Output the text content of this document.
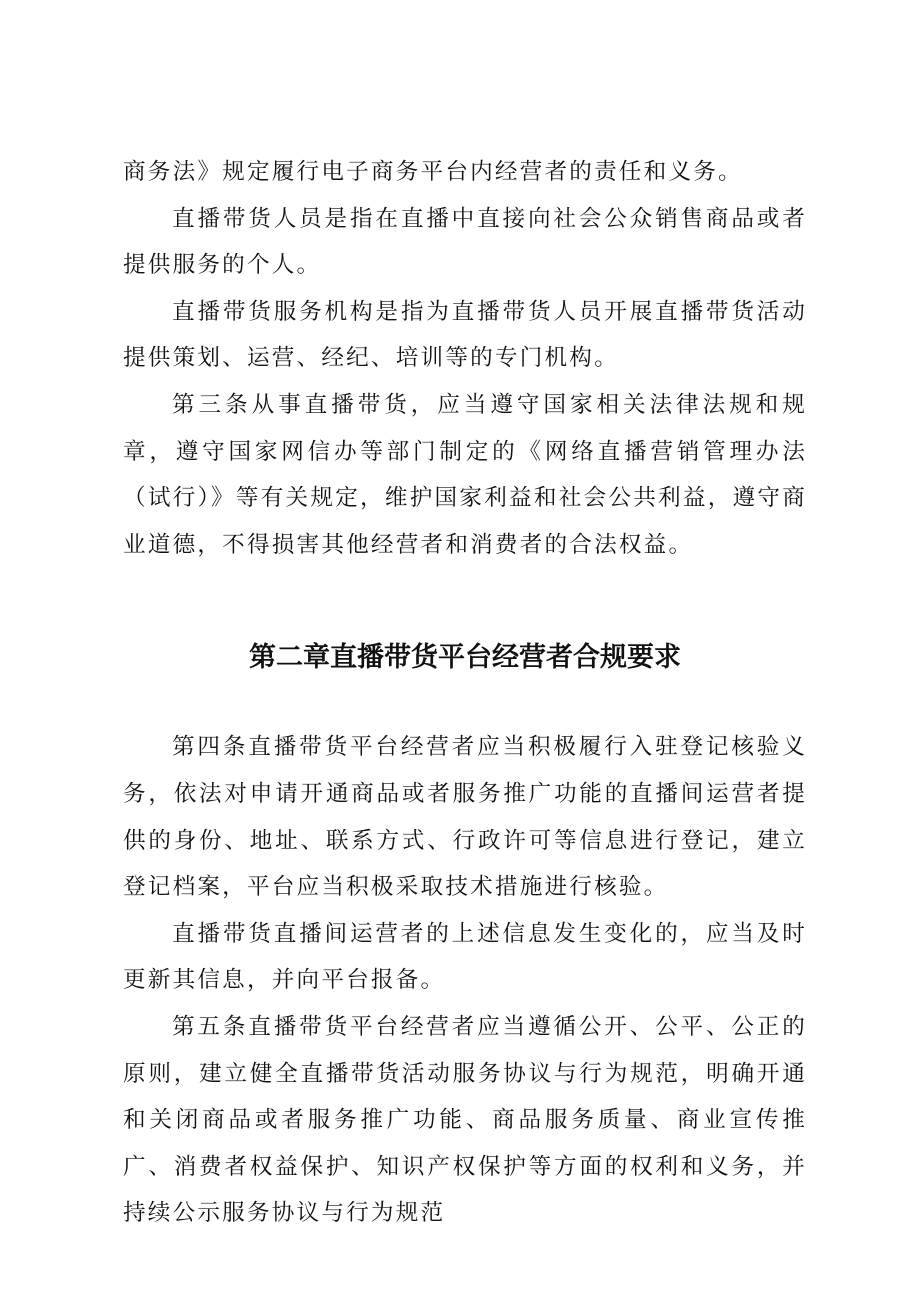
商务法》规定履行电子商务平台内经营者的责任和义务。

直播带货人员是指在直播中直接向社会公众销售商品或者提供服务的个人。

直播带货服务机构是指为直播带货人员开展直播带货活动提供策划、运营、经纪、培训等的专门机构。

第三条从事直播带货，应当遵守国家相关法律法规和规章，遵守国家网信办等部门制定的《网络直播营销管理办法（试行）》等有关规定，维护国家利益和社会公共利益，遵守商业道德，不得损害其他经营者和消费者的合法权益。

第二章直播带货平台经营者合规要求

第四条直播带货平台经营者应当积极履行入驻登记核验义务，依法对申请开通商品或者服务推广功能的直播间运营者提供的身份、地址、联系方式、行政许可等信息进行登记，建立登记档案，平台应当积极采取技术措施进行核验。

直播带货直播间运营者的上述信息发生变化的，应当及时更新其信息，并向平台报备。

第五条直播带货平台经营者应当遵循公开、公平、公正的原则，建立健全直播带货活动服务协议与行为规范，明确开通和关闭商品或者服务推广功能、商品服务质量、商业宣传推广、消费者权益保护、知识产权保护等方面的权利和义务，并持续公示服务协议与行为规范
